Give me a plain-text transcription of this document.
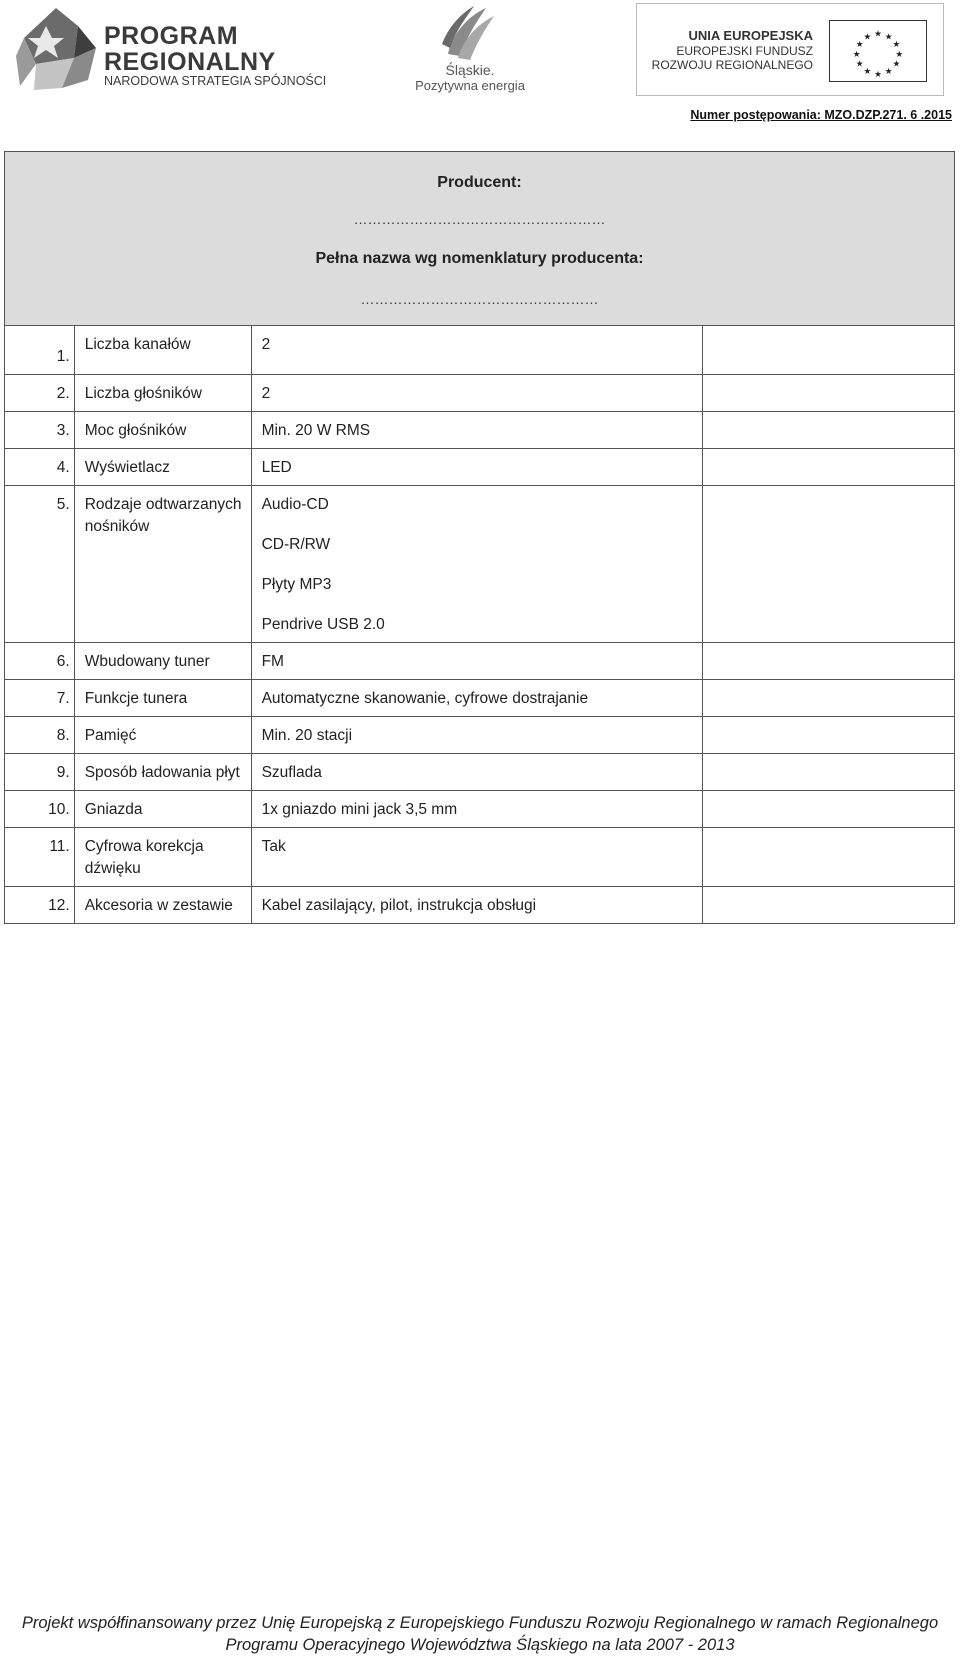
PROGRAM
REGIONALNY
NARODOWA STRATEGIA SPÓJNOŚCI
Śląskie.
Pozytywna energia
UNIA EUROPEJSKA
EUROPEJSKI FUNDUSZ
ROZWOJU REGIONALNEGO
★ ★
★
★
★
★
★
★
★
★
★
★
Numer postępowania: MZO.DZP.271. 6 .2015
Producent:
………………………………………………
Pełna nazwa wg nomenklatury producenta:
……………………………………………			

1.	Liczba kanałów	2	

2.	Liczba głośników	2	

3.	Moc głośników	Min. 20 W RMS	

4.	Wyświetlacz	LED	

5.	Rodzaje odtwarzanych nośników	Audio-CD
CD-R/RW
Płyty MP3
Pendrive USB 2.0	

6.	Wbudowany tuner	FM	

7.	Funkcje tunera	Automatyczne skanowanie, cyfrowe dostrajanie	

8.	Pamięć	Min. 20 stacji	

9.	Sposób ładowania płyt	Szuflada	

10.	Gniazda	1x gniazdo mini jack 3,5 mm	

11.	Cyfrowa korekcja dźwięku	Tak	

12.	Akcesoria w zestawie	Kabel zasilający, pilot, instrukcja obsługi	

Projekt współfinansowany przez Unię Europejską z Europejskiego Funduszu Rozwoju Regionalnego w ramach Regionalnego
Programu Operacyjnego Województwa Śląskiego na lata 2007 - 2013
